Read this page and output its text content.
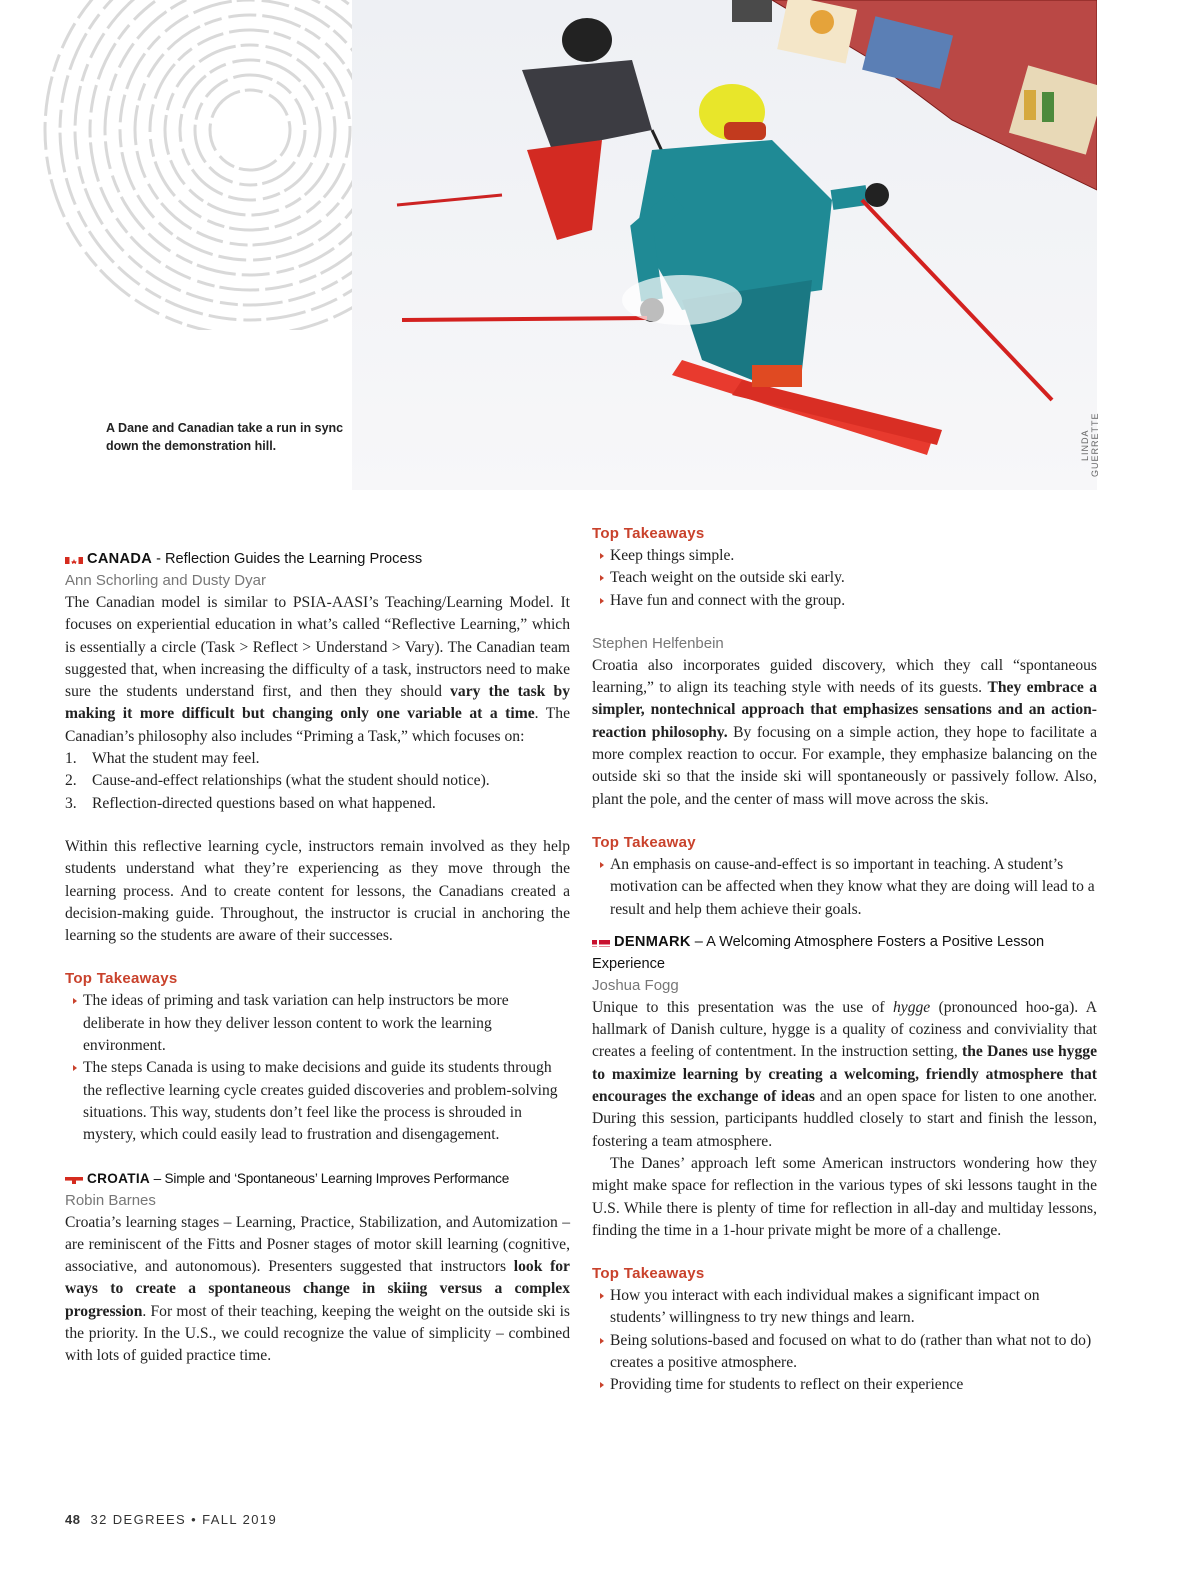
LINDA GUERRETTE
A Dane and Canadian take a run in sync down the demonstration hill.

CANADA - Reflection Guides the Learning Process

Ann Schorling and Dusty Dyar

The Canadian model is similar to PSIA-AASI’s Teaching/Learning Model. It focuses on experiential education in what’s called “Reflective Learning,” which is essentially a circle (Task > Reflect > Understand > Vary). The Canadian team suggested that, when increasing the difficulty of a task, instructors need to make sure the students understand first, and then they should vary the task by making it more difficult but changing only one variable at a time. The Canadian’s philosophy also includes “Priming a Task,” which focuses on:

1. What the student may feel.
2. Cause-and-effect relationships (what the student should notice).
3. Reflection-directed questions based on what happened.

Within this reflective learning cycle, instructors remain involved as they help students understand what they’re experiencing as they move through the learning process. And to create content for lessons, the Canadians created a decision-making guide. Throughout, the instructor is crucial in anchoring the learning so the students are aware of their successes.

Top Takeaways

The ideas of priming and task variation can help instructors be more deliberate in how they deliver lesson content to work the learning environment.
The steps Canada is using to make decisions and guide its students through the reflective learning cycle creates guided discoveries and problem-solving situations. This way, students don’t feel like the process is shrouded in mystery, which could easily lead to frustration and disengagement.

CROATIA – Simple and ‘Spontaneous’ Learning Improves Performance

Robin Barnes

Croatia’s learning stages – Learning, Practice, Stabilization, and Automization – are reminiscent of the Fitts and Posner stages of motor skill learning (cognitive, associative, and autonomous). Presenters suggested that instructors look for ways to create a spontaneous change in skiing versus a complex progression. For most of their teaching, keeping the weight on the outside ski is the priority. In the U.S., we could recognize the value of simplicity – combined with lots of guided practice time.

Top Takeaways

Keep things simple.
Teach weight on the outside ski early.
Have fun and connect with the group.

Stephen Helfenbein

Croatia also incorporates guided discovery, which they call “spontaneous learning,” to align its teaching style with needs of its guests. They embrace a simpler, nontechnical approach that emphasizes sensations and an action-reaction philosophy. By focusing on a simple action, they hope to facilitate a more complex reaction to occur. For example, they emphasize balancing on the outside ski so that the inside ski will spontaneously or passively follow. Also, plant the pole, and the center of mass will move across the skis.

Top Takeaway

An emphasis on cause-and-effect is so important in teaching. A student’s motivation can be affected when they know what they are doing will lead to a result and help them achieve their goals.

DENMARK – A Welcoming Atmosphere Fosters a Positive Lesson Experience

Joshua Fogg

Unique to this presentation was the use of hygge (pronounced hoo-ga). A hallmark of Danish culture, hygge is a quality of coziness and conviviality that creates a feeling of contentment. In the instruction setting, the Danes use hygge to maximize learning by creating a welcoming, friendly atmosphere that encourages the exchange of ideas and an open space for listen to one another. During this session, participants huddled closely to start and finish the lesson, fostering a team atmosphere.

The Danes’ approach left some American instructors wondering how they might make space for reflection in the various types of ski lessons taught in the U.S. While there is plenty of time for reflection in all-day and multiday lessons, finding the time in a 1-hour private might be more of a challenge.

Top Takeaways

How you interact with each individual makes a significant impact on students’ willingness to try new things and learn.
Being solutions-based and focused on what to do (rather than what not to do) creates a positive atmosphere.
Providing time for students to reflect on their experience
48 32 DEGREES • FALL 2019
